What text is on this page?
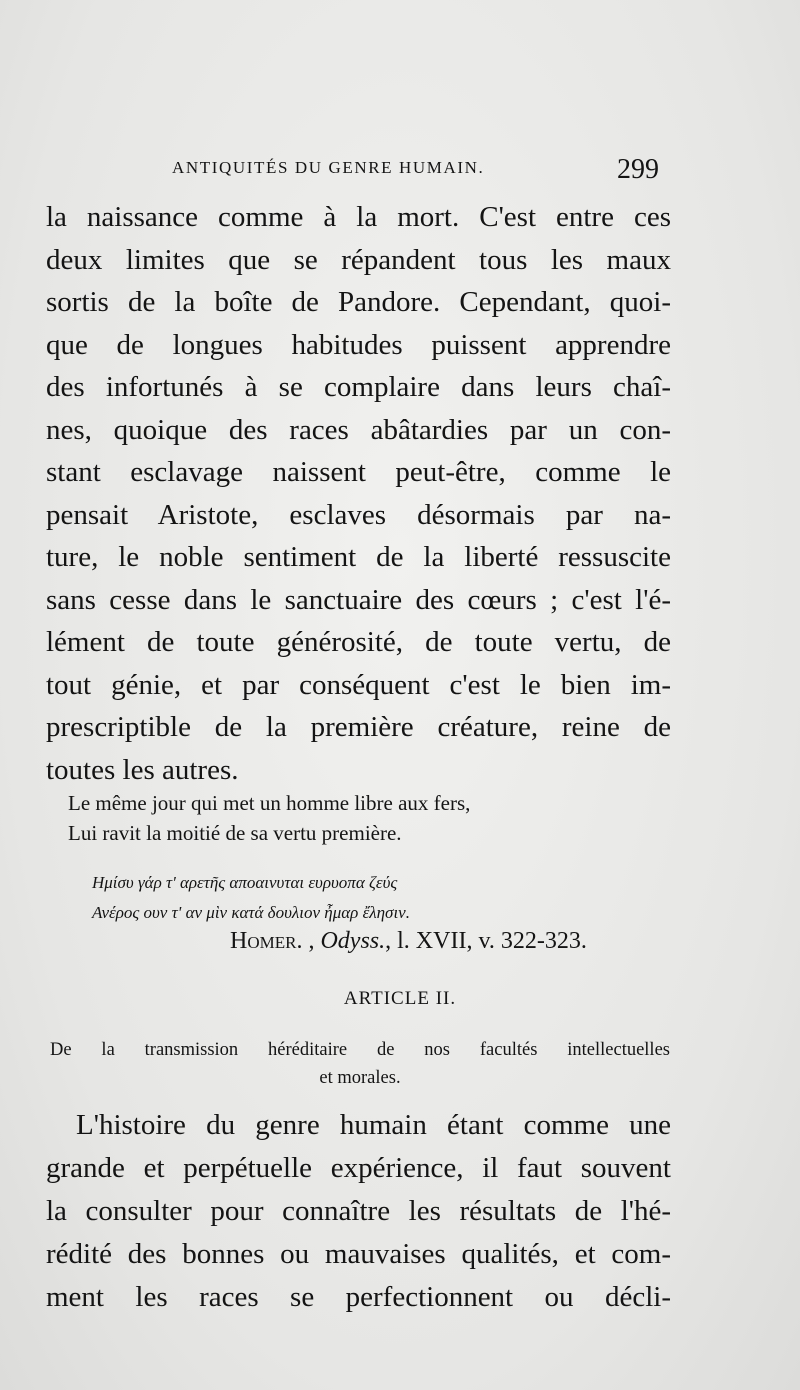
ANTIQUITÉS DU GENRE HUMAIN.	299
la naissance comme à la mort. C'est entre ces
deux limites que se répandent tous les maux
sortis de la boîte de Pandore. Cependant, quoi-
que de longues habitudes puissent apprendre
des infortunés à se complaire dans leurs chaî-
nes, quoique des races abâtardies par un con-
stant esclavage naissent peut-être, comme le
pensait Aristote, esclaves désormais par na-
ture, le noble sentiment de la liberté ressuscite
sans cesse dans le sanctuaire des cœurs ; c'est l'é-
lément de toute générosité, de toute vertu, de
tout génie, et par conséquent c'est le bien im-
prescriptible de la première créature, reine de
toutes les autres.
Le même jour qui met un homme libre aux fers,
Lui ravit la moitié de sa vertu première.
Ημίσυ γάρ τ' αρετῆς αποαινυται ευρυοπα ζεύς
Ανέρος ουν τ' αν μὶν κατά δουλιον ἦμαρ ἔλησιν.
Homer. , Odyss., l. XVII, v. 322-323.
ARTICLE II.
De la transmission héréditaire de nos facultés intellectuelles
et morales.
L'histoire du genre humain étant comme une
grande et perpétuelle expérience, il faut souvent
la consulter pour connaître les résultats de l'hé-
rédité des bonnes ou mauvaises qualités, et com-
ment les races se perfectionnent ou décli-
